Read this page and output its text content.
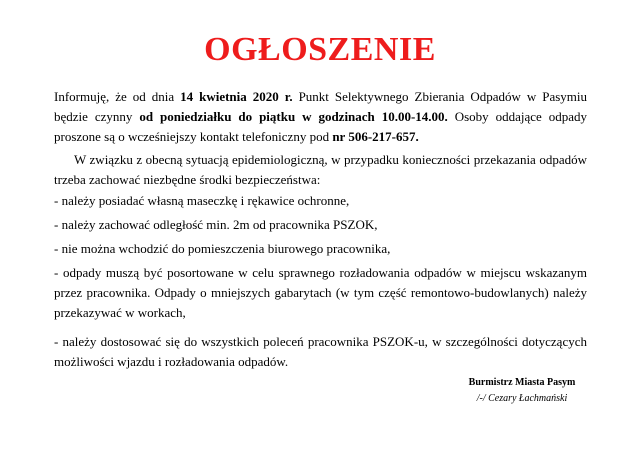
OGŁOSZENIE
Informuję, że od dnia 14 kwietnia 2020 r. Punkt Selektywnego Zbierania Odpadów w Pasymiu będzie czynny od poniedziałku do piątku w godzinach 10.00-14.00. Osoby oddające odpady proszone są o wcześniejszy kontakt telefoniczny pod nr 506-217-657.
W związku z obecną sytuacją epidemiologiczną, w przypadku konieczności przekazania odpadów trzeba zachować niezbędne środki bezpieczeństwa:
- należy posiadać własną maseczkę i rękawice ochronne,
- należy zachować odległość min. 2m od pracownika PSZOK,
- nie można wchodzić do pomieszczenia biurowego pracownika,
- odpady muszą być posortowane w celu sprawnego rozładowania odpadów w miejscu wskazanym przez pracownika. Odpady o mniejszych gabarytach (w tym część remontowo-budowlanych) należy przekazywać w workach,
- należy dostosować się do wszystkich poleceń pracownika PSZOK-u, w szczególności dotyczących możliwości wjazdu i rozładowania odpadów.
Burmistrz Miasta Pasym
/-/ Cezary Łachmański
